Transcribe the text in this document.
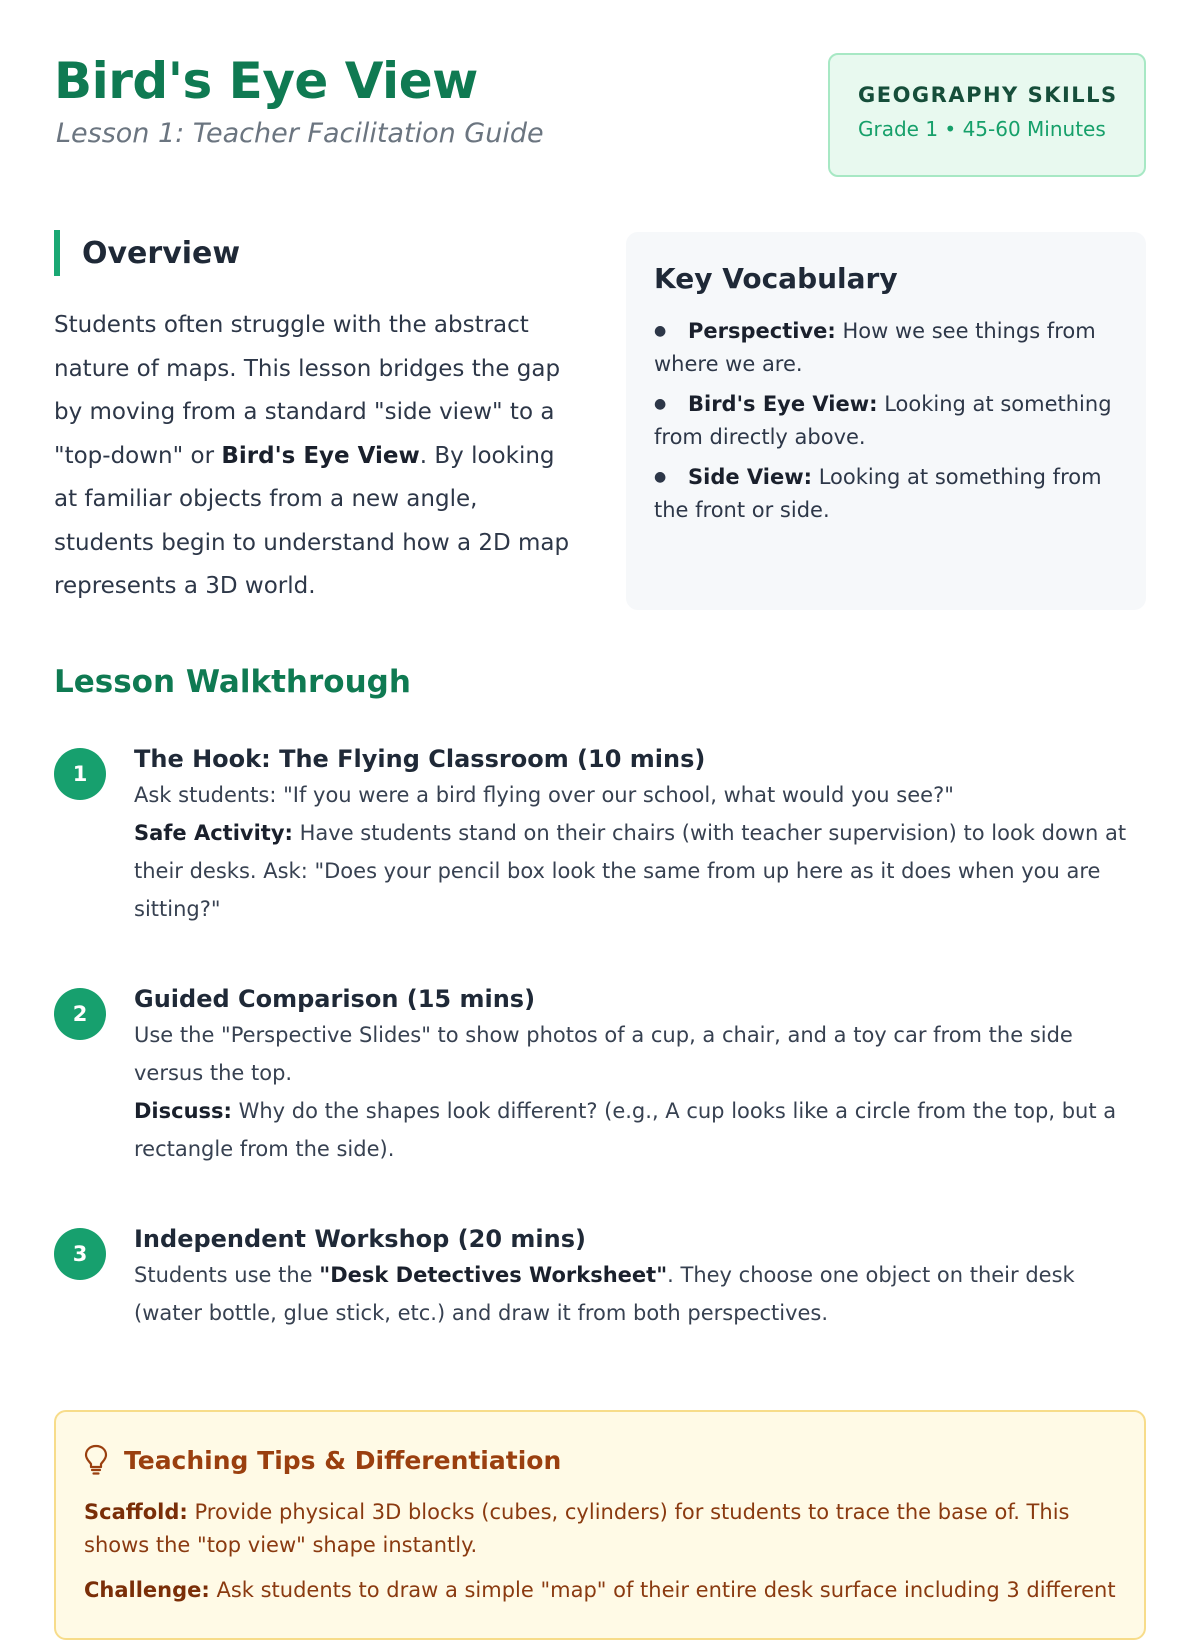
Bird's Eye View
Lesson 1: Teacher Facilitation Guide
GEOGRAPHY SKILLS
Grade 1 • 45-60 Minutes
Overview

Students often struggle with the abstract nature of maps. This lesson bridges the gap by moving from a standard "side view" to a "top-down" or Bird's Eye View. By looking at familiar objects from a new angle, students begin to understand how a 2D map represents a 3D world.

Key Vocabulary
● Perspective: How we see things from where we are.
● Bird's Eye View: Looking at something from directly above.
● Side View: Looking at something from the front or side.
Lesson Walkthrough
1
The Hook: The Flying Classroom (10 mins)
Ask students: "If you were a bird flying over our school, what would you see?"
Safe Activity: Have students stand on their chairs (with teacher supervision) to look down at their desks. Ask: "Does your pencil box look the same from up here as it does when you are sitting?"
2
Guided Comparison (15 mins)
Use the "Perspective Slides" to show photos of a cup, a chair, and a toy car from the side versus the top.
Discuss: Why do the shapes look different? (e.g., A cup looks like a circle from the top, but a rectangle from the side).
3
Independent Workshop (20 mins)
Students use the "Desk Detectives Worksheet". They choose one object on their desk (water bottle, glue stick, etc.) and draw it from both perspectives.
Teaching Tips & Differentiation

Scaffold: Provide physical 3D blocks (cubes, cylinders) for students to trace the base of. This shows the "top view" shape instantly.

Challenge: Ask students to draw a simple "map" of their entire desk surface including 3 different
